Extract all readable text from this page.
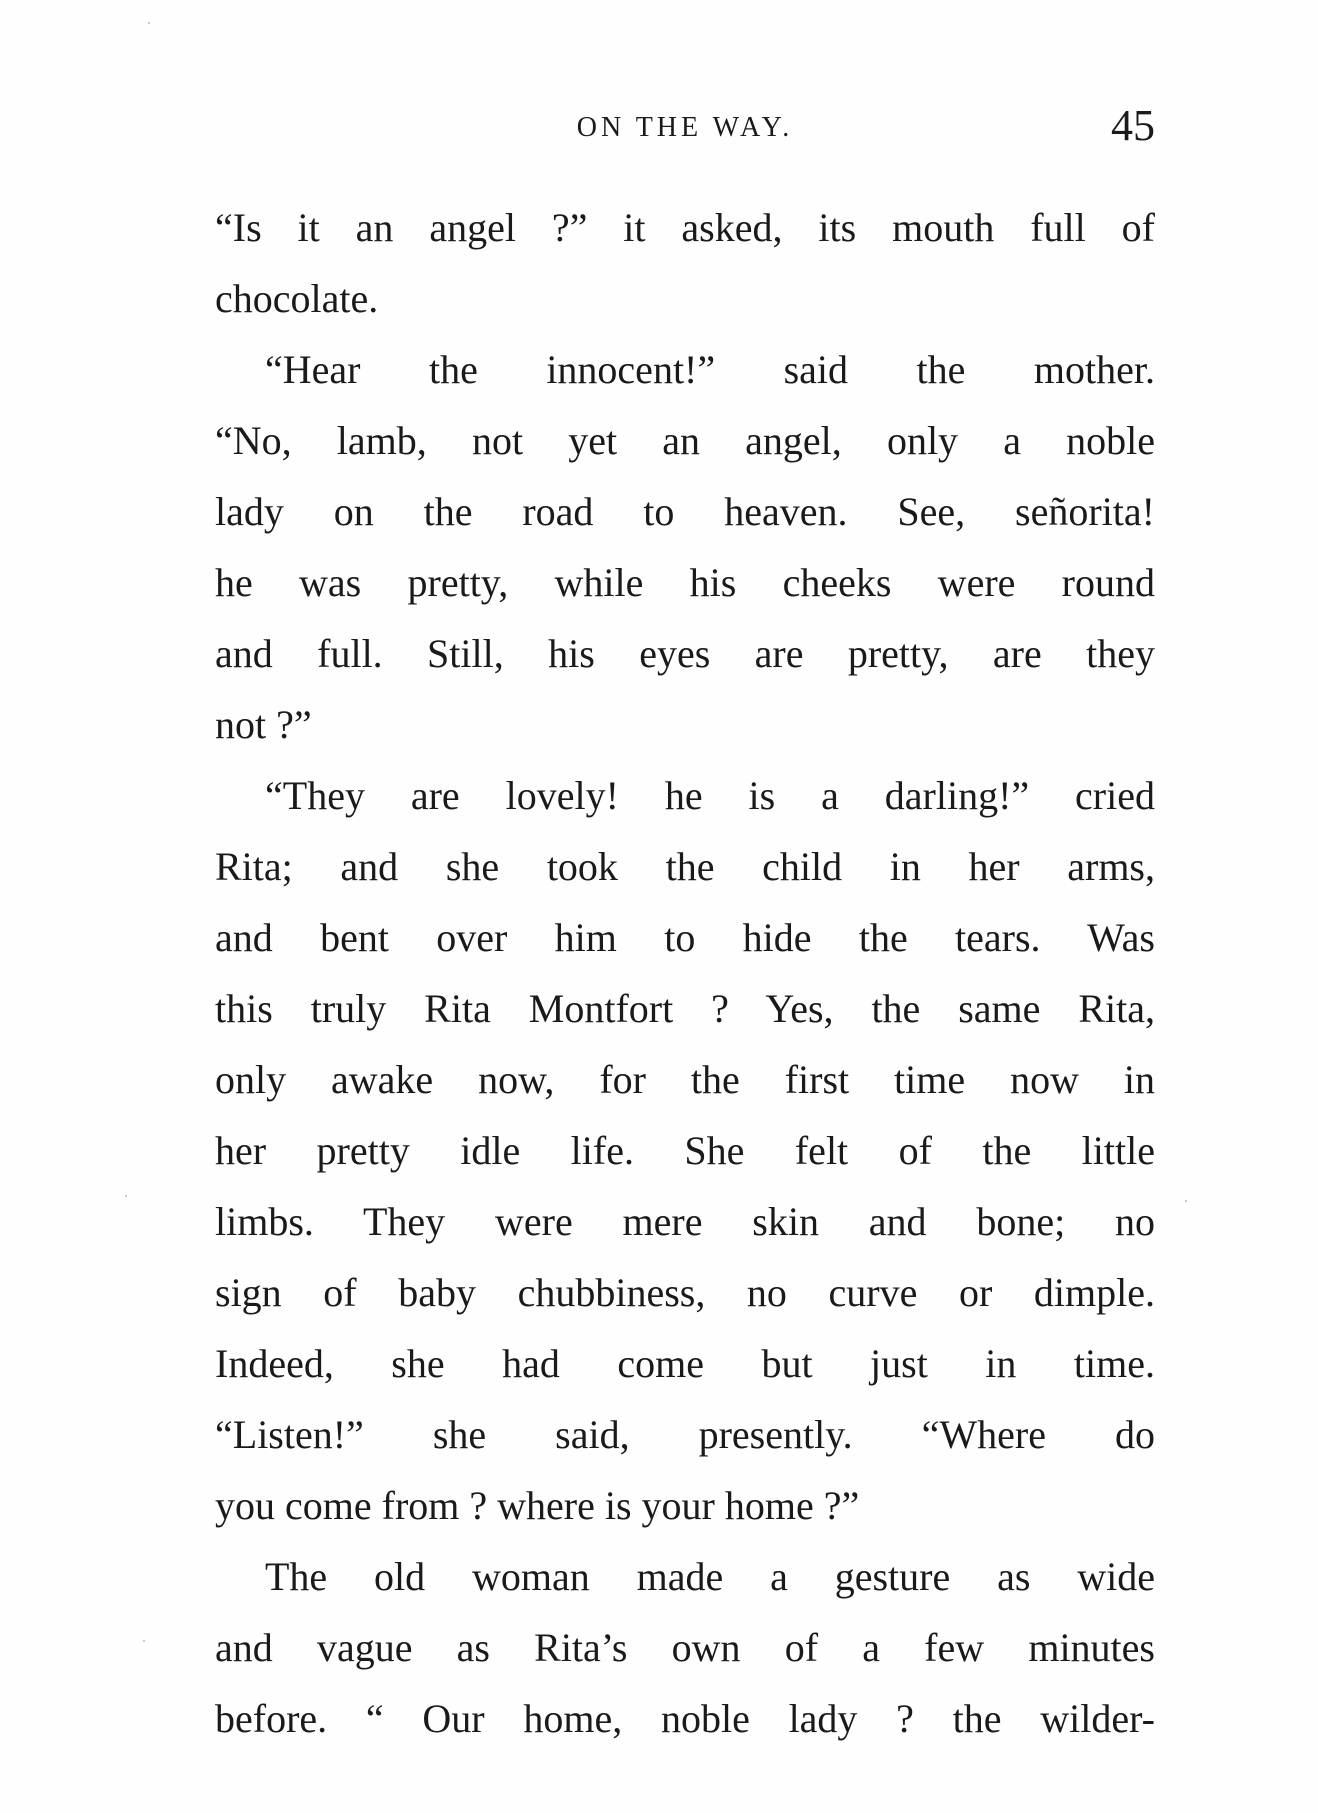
ON THE WAY.	45
“Is it an angel ?” it asked, its mouth full of
chocolate.
“Hear the innocent!” said the mother.
“No, lamb, not yet an angel, only a noble
lady on the road to heaven. See, señorita!
he was pretty, while his cheeks were round
and full. Still, his eyes are pretty, are they
not ?”
“They are lovely! he is a darling!” cried
Rita; and she took the child in her arms,
and bent over him to hide the tears. Was
this truly Rita Montfort ? Yes, the same Rita,
only awake now, for the first time now in
her pretty idle life. She felt of the little
limbs. They were mere skin and bone; no
sign of baby chubbiness, no curve or dimple.
Indeed, she had come but just in time.
“Listen!” she said, presently. “Where do
you come from ? where is your home ?”
The old woman made a gesture as wide
and vague as Rita’s own of a few minutes
before. “ Our home, noble lady ? the wilder-
